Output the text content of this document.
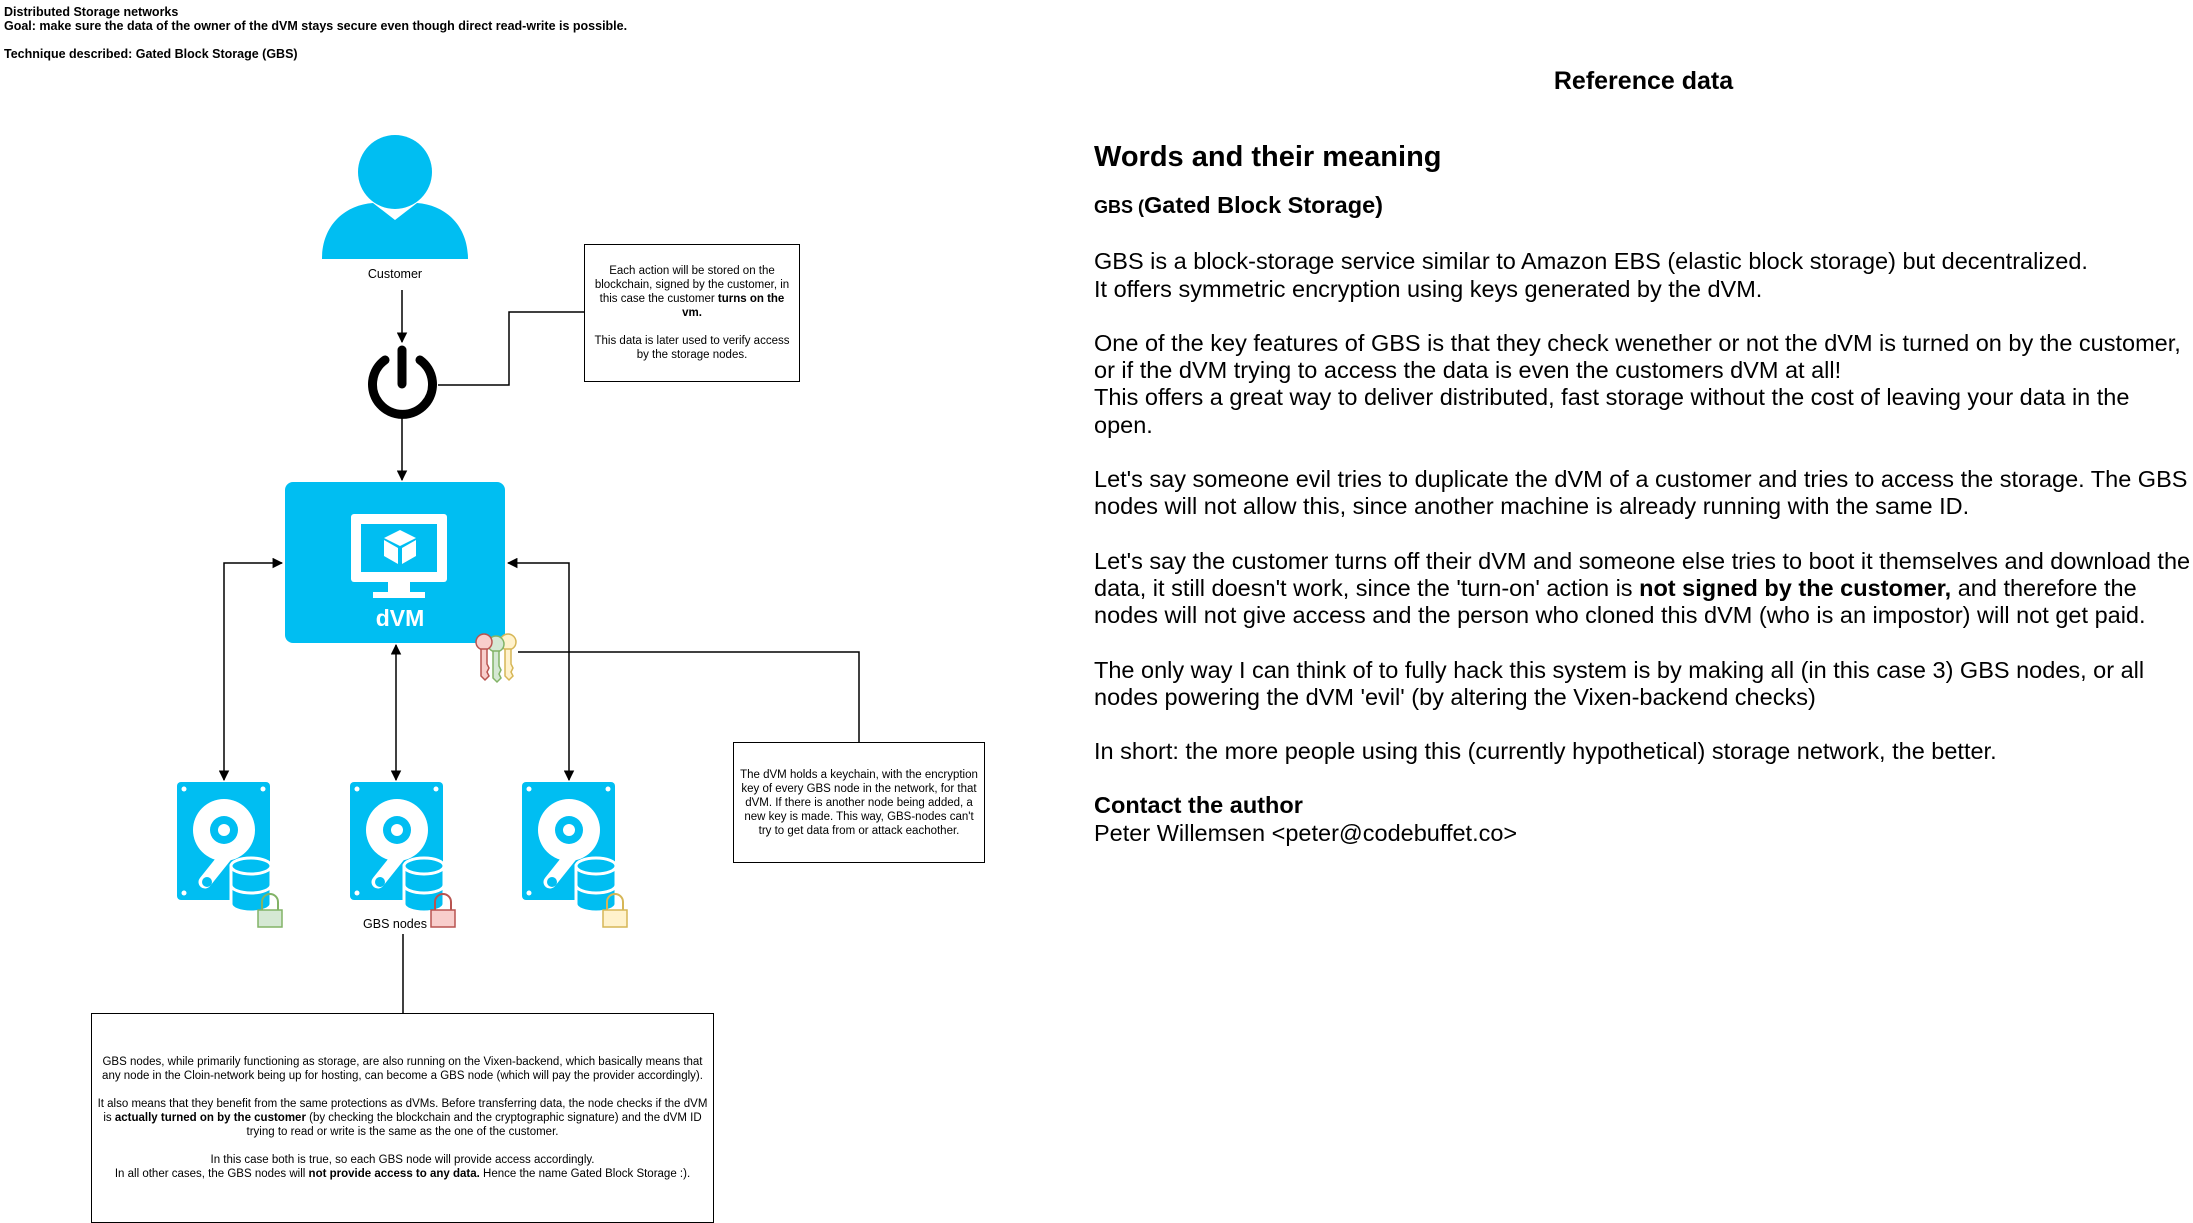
Distributed Storage networks
Goal: make sure the data of the owner of the dVM stays secure even though direct read-write is possible.
Technique described: Gated Block Storage (GBS)
dVM
Customer
GBS nodes

Each action will be stored on the blockchain, signed by the customer, in this case the customer turns on the vm.

This data is later used to verify access by the storage nodes.

The dVM holds a keychain, with the encryption key of every GBS node in the network, for that dVM. If there is another node being added, a new key is made. This way, GBS-nodes can't try to get data from or attack eachother.

GBS nodes, while primarily functioning as storage, are also running on the Vixen-backend, which basically means that any node in the Cloin-network being up for hosting, can become a GBS node (which will pay the provider accordingly).

It also means that they benefit from the same protections as dVMs. Before transferring data, the node checks if the dVM is actually turned on by the customer (by checking the blockchain and the cryptographic signature) and the dVM ID trying to read or write is the same as the one of the customer.

In this case both is true, so each GBS node will provide access accordingly.

In all other cases, the GBS nodes will not provide access to any data. Hence the name Gated Block Storage :).

Reference data

Words and their meaning

GBS (Gated Block Storage)

GBS is a block-storage service similar to Amazon EBS (elastic block storage) but decentralized.

It offers symmetric encryption using keys generated by the dVM.

One of the key features of GBS is that they check wenether or not the dVM is turned on by the customer, or if the dVM trying to access the data is even the customers dVM at all!

This offers a great way to deliver distributed, fast storage without the cost of leaving your data in the open.

Let's say someone evil tries to duplicate the dVM of a customer and tries to access the storage. The GBS nodes will not allow this, since another machine is already running with the same ID.

Let's say the customer turns off their dVM and someone else tries to boot it themselves and download the data, it still doesn't work, since the 'turn-on' action is not signed by the customer, and therefore the nodes will not give access and the person who cloned this dVM (who is an impostor) will not get paid.

The only way I can think of to fully hack this system is by making all (in this case 3) GBS nodes, or all nodes powering the dVM 'evil' (by altering the Vixen-backend checks)

In short: the more people using this (currently hypothetical) storage network, the better.

Contact the author

Peter Willemsen <peter@codebuffet.co>
